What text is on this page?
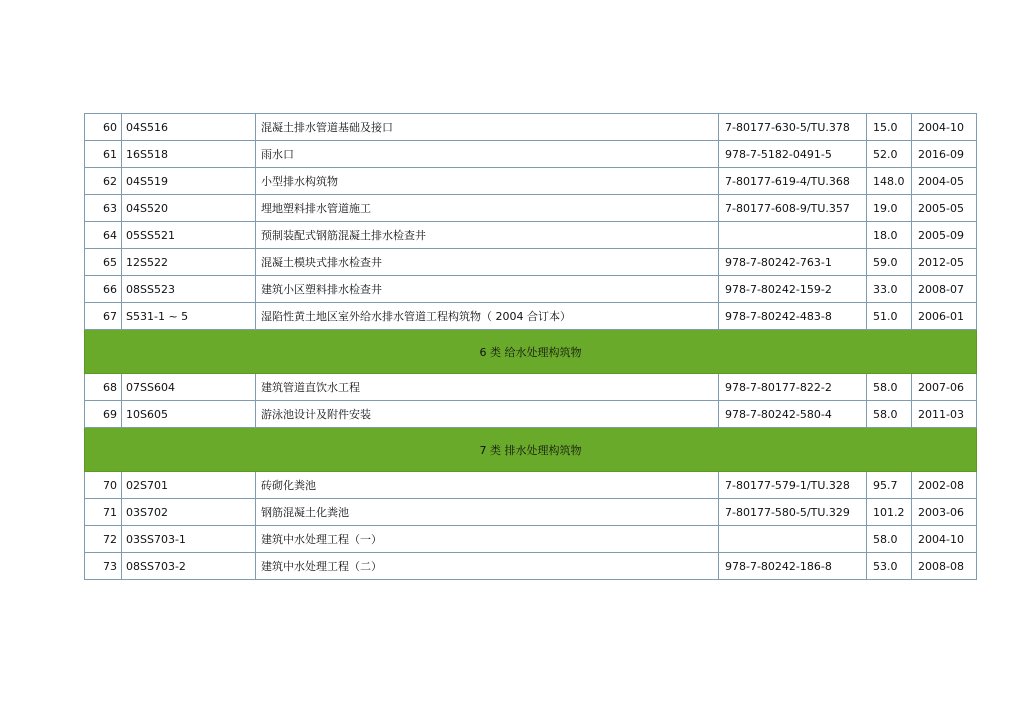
60	04S516	混凝土排水管道基础及接口	7-80177-630-5/TU.378	15.0	2004-10
61	16S518	雨水口	978-7-5182-0491-5	52.0	2016-09
62	04S519	小型排水构筑物	7-80177-619-4/TU.368	148.0	2004-05
63	04S520	埋地塑料排水管道施工	7-80177-608-9/TU.357	19.0	2005-05
64	05SS521	预制装配式钢筋混凝土排水检查井		18.0	2005-09
65	12S522	混凝土模块式排水检查井	978-7-80242-763-1	59.0	2012-05
66	08SS523	建筑小区塑料排水检查井	978-7-80242-159-2	33.0	2008-07
67	S531-1 ~ 5	湿陷性黄土地区室外给水排水管道工程构筑物（ 2004 合订本）	978-7-80242-483-8	51.0	2006-01
6 类 给水处理构筑物					
68	07SS604	建筑管道直饮水工程	978-7-80177-822-2	58.0	2007-06
69	10S605	游泳池设计及附件安装	978-7-80242-580-4	58.0	2011-03
7 类 排水处理构筑物					
70	02S701	砖砌化粪池	7-80177-579-1/TU.328	95.7	2002-08
71	03S702	钢筋混凝土化粪池	7-80177-580-5/TU.329	101.2	2003-06
72	03SS703-1	建筑中水处理工程（一）		58.0	2004-10
73	08SS703-2	建筑中水处理工程（二）	978-7-80242-186-8	53.0	2008-08
